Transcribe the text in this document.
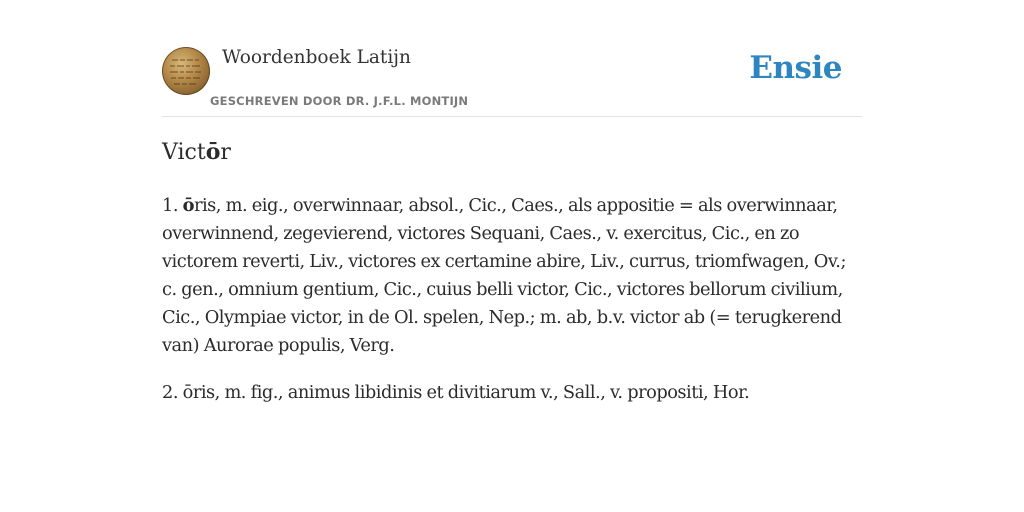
Woordenboek Latijn
GESCHREVEN DOOR DR. J.F.L. MONTIJN
Ensie
Victōr

1. ōris, m. eig., overwinnaar, absol., Cic., Caes., als appositie = als overwinnaar, overwinnend, zegevierend, victores Sequani, Caes., v. exercitus, Cic., en zo victorem reverti, Liv., victores ex certamine abire, Liv., currus, triomfwagen, Ov.; c. gen., omnium gentium, Cic., cuius belli victor, Cic., victores bellorum civilium, Cic., Olympiae victor, in de Ol. spelen, Nep.; m. ab, b.v. victor ab (= terugkerend van) Aurorae populis, Verg.

2. ōris, m. fig., animus libidinis et divitiarum v., Sall., v. propositi, Hor.
